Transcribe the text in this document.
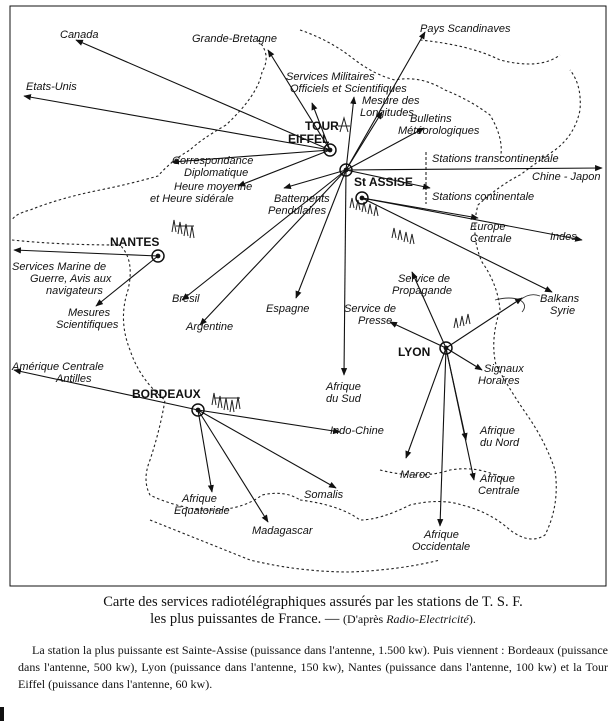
TOUR
EIFFEL
St ASSISE
NANTES
BORDEAUX
LYON
Canada
Etats-Unis
Grande-Bretagne
Pays Scandinaves
Services Militaires
Officiels et Scientifiques
Mesure des
Longitudes
Bulletins
Météorologiques
Correspondance
Diplomatique
Heure moyenne
et Heure sidérale	Battements
Pendulaires
Stations transcontinentale
Chine - Japon
Stations continentale
Europe
Centrale	Indes
Services Marine de
Guerre, Avis aux
navigateurs
Mesures
Scientifiques
Brésil
Argentine
Espagne
Service de
Propagande
Service de
Presse
Balkans
Syrie
Signaux
Horaires
Amérique Centrale
Antilles
Afrique
du Sud
Indo-Chine
Afrique
Equatoriale
Somalis
Madagascar
Afrique
du Nord
Afrique
Centrale
Maroc
Afrique
Occidentale
Carte des services radiotélégraphiques assurés par les stations de T. S. F.
les plus puissantes de France. — (D'après Radio-Electricité).
La station la plus puissante est Sainte-Assise (puissance dans l'antenne, 1.500 kw). Puis viennent : Bordeaux (puissance dans l'antenne, 500 kw), Lyon (puissance dans l'antenne, 150 kw), Nantes (puissance dans l'antenne, 100 kw) et la Tour Eiffel (puissance dans l'antenne, 60 kw).
